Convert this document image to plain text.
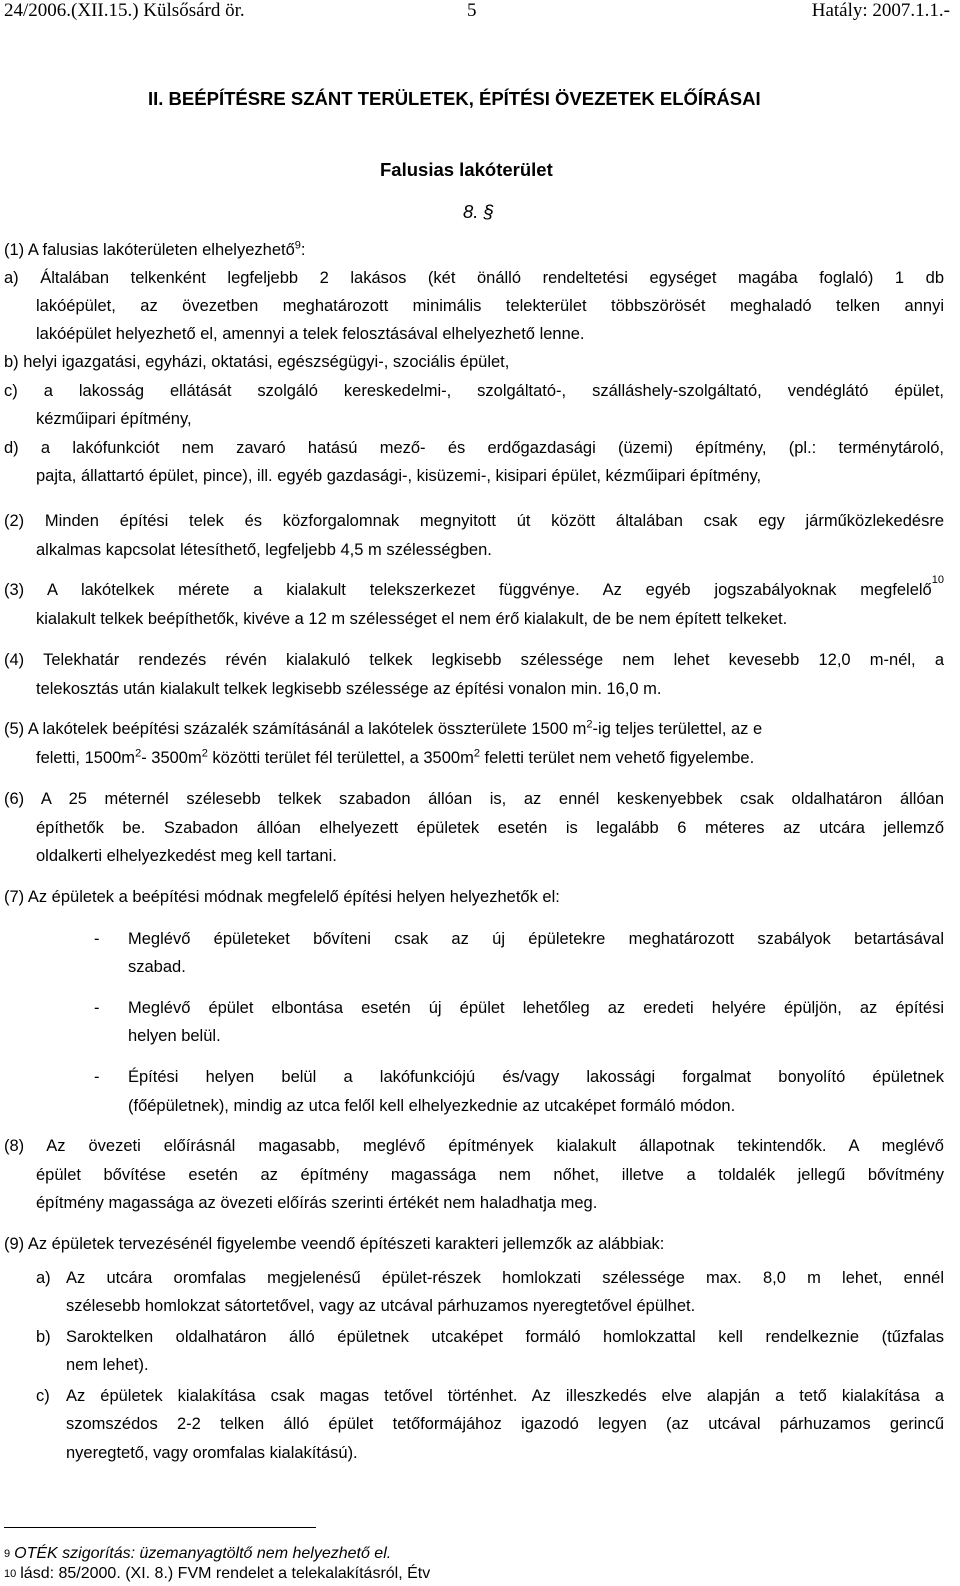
24/2006.(XII.15.) Külsősárd ör.	5	Hatály: 2007.1.1.-
II. BEÉPÍTÉSRE SZÁNT TERÜLETEK, ÉPÍTÉSI ÖVEZETEK ELŐÍRÁSAI
Falusias lakóterület
8. §
(1) A falusias lakóterületen elhelyezhető$^9$:
a) Általában telkenként legfeljebb 2 lakásos (két önálló rendeltetési egységet magába foglaló) 1 db
lakóépület, az övezetben meghatározott minimális telekterület többszörösét meghaladó telken annyi
lakóépület helyezhető el, amennyi a telek felosztásával elhelyezhető lenne.
b) helyi igazgatási, egyházi, oktatási, egészségügyi-, szociális épület,
c) a lakosság ellátását szolgáló kereskedelmi-, szolgáltató-, szálláshely-szolgáltató, vendéglátó épület,
kézműipari építmény,
d) a lakófunkciót nem zavaró hatású mező- és erdőgazdasági (üzemi) építmény, (pl.: terménytároló,
pajta, állattartó épület, pince), ill. egyéb gazdasági-, kisüzemi-, kisipari épület, kézműipari építmény,
(2) Minden építési telek és közforgalomnak megnyitott út között általában csak egy járműközlekedésre
alkalmas kapcsolat létesíthető, legfeljebb 4,5 m szélességben.
(3) A lakótelkek mérete a kialakult telekszerkezet függvénye. Az egyéb jogszabályoknak megfelelő
10
kialakult telkek beépíthetők, kivéve a 12 m szélességet el nem érő kialakult, de be nem épített telkeket.
(4) Telekhatár rendezés révén kialakuló telkek legkisebb szélessége nem lehet kevesebb 12,0 m-nél, a
telekosztás után kialakult telkek legkisebb szélessége az építési vonalon min. 16,0 m.
(5) A lakótelek beépítési százalék számításánál a lakótelek összterülete 1500 $m^2-ig$ teljes területtel, az e
feletti, $1500m^2-$ $3500m^2$ közötti terület fél területtel, a $3500m^2$ feletti terület nem vehető figyelembe.
(6) A 25 méternél szélesebb telkek szabadon állóan is, az ennél keskenyebbek csak oldalhatáron állóan
építhetők be. Szabadon állóan elhelyezett épületek esetén is legalább 6 méteres az utcára jellemző
oldalkerti elhelyezkedést meg kell tartani.
(7) Az épületek a beépítési módnak megfelelő építési helyen helyezhetők el:
- Meglévő épületeket bővíteni csak az új épületekre meghatározott szabályok betartásával
szabad.
- Meglévő épület elbontása esetén új épület lehetőleg az eredeti helyére épüljön, az építési
helyen belül.
- Építési helyen belül a lakófunkciójú és/vagy lakossági forgalmat bonyolító épületnek
(főépületnek), mindig az utca felől kell elhelyezkednie az utcaképet formáló módon.
(8) Az övezeti előírásnál magasabb, meglévő építmények kialakult állapotnak tekintendők. A meglévő
épület bővítése esetén az építmény magassága nem nőhet, illetve a toldalék jellegű bővítmény
építmény magassága az övezeti előírás szerinti értékét nem haladhatja meg.
(9) Az épületek tervezésénél figyelembe veendő építészeti karakteri jellemzők az alábbiak:
a) Az utcára oromfalas megjelenésű épület-részek homlokzati szélessége max. 8,0 m lehet, ennél
szélesebb homlokzat sátortetővel, vagy az utcával párhuzamos nyeregtetővel épülhet.
b) Saroktelken oldalhatáron álló épületnek utcaképet formáló homlokzattal kell rendelkeznie (tűzfalas
nem lehet).
c) Az épületek kialakítása csak magas tetővel történhet. Az illeszkedés elve alapján a tető kialakítása a
szomszédos 2-2 telken álló épület tetőformájához igazodó legyen (az utcával párhuzamos gerincű
nyeregtető, vagy oromfalas kialakítású).
$^9$ OTÉK szigorítás: üzemanyagtöltő nem helyezhető el.
$^{10}$ lásd: 85/2000. (XI. 8.) FVM rendelet a telekalakításról, Étv
